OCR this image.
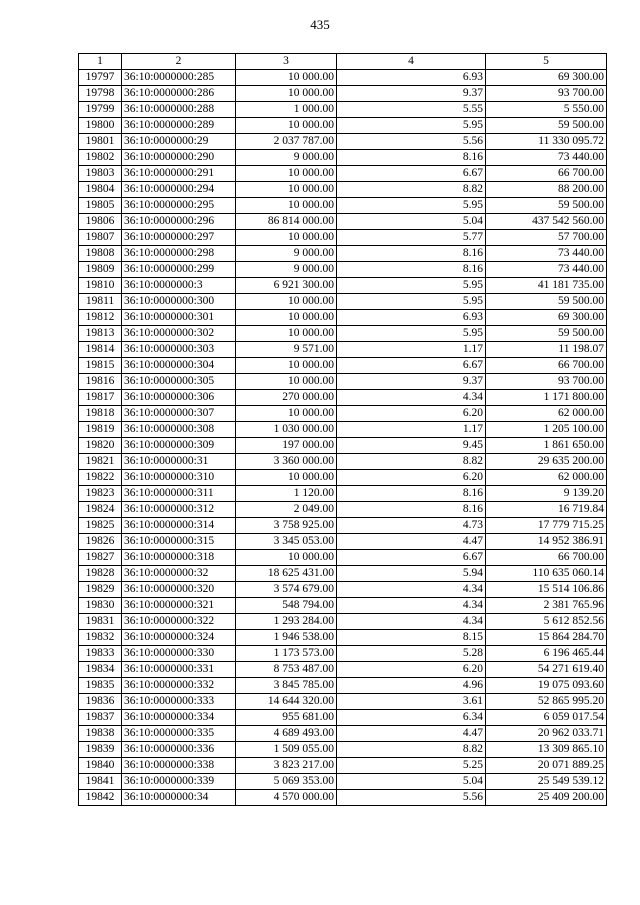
435
1	2	3	4	5
19797	36:10:0000000:285	10 000.00	6.93	69 300.00
19798	36:10:0000000:286	10 000.00	9.37	93 700.00
19799	36:10:0000000:288	1 000.00	5.55	5 550.00
19800	36:10:0000000:289	10 000.00	5.95	59 500.00
19801	36:10:0000000:29	2 037 787.00	5.56	11 330 095.72
19802	36:10:0000000:290	9 000.00	8.16	73 440.00
19803	36:10:0000000:291	10 000.00	6.67	66 700.00
19804	36:10:0000000:294	10 000.00	8.82	88 200.00
19805	36:10:0000000:295	10 000.00	5.95	59 500.00
19806	36:10:0000000:296	86 814 000.00	5.04	437 542 560.00
19807	36:10:0000000:297	10 000.00	5.77	57 700.00
19808	36:10:0000000:298	9 000.00	8.16	73 440.00
19809	36:10:0000000:299	9 000.00	8.16	73 440.00
19810	36:10:0000000:3	6 921 300.00	5.95	41 181 735.00
19811	36:10:0000000:300	10 000.00	5.95	59 500.00
19812	36:10:0000000:301	10 000.00	6.93	69 300.00
19813	36:10:0000000:302	10 000.00	5.95	59 500.00
19814	36:10:0000000:303	9 571.00	1.17	11 198.07
19815	36:10:0000000:304	10 000.00	6.67	66 700.00
19816	36:10:0000000:305	10 000.00	9.37	93 700.00
19817	36:10:0000000:306	270 000.00	4.34	1 171 800.00
19818	36:10:0000000:307	10 000.00	6.20	62 000.00
19819	36:10:0000000:308	1 030 000.00	1.17	1 205 100.00
19820	36:10:0000000:309	197 000.00	9.45	1 861 650.00
19821	36:10:0000000:31	3 360 000.00	8.82	29 635 200.00
19822	36:10:0000000:310	10 000.00	6.20	62 000.00
19823	36:10:0000000:311	1 120.00	8.16	9 139.20
19824	36:10:0000000:312	2 049.00	8.16	16 719.84
19825	36:10:0000000:314	3 758 925.00	4.73	17 779 715.25
19826	36:10:0000000:315	3 345 053.00	4.47	14 952 386.91
19827	36:10:0000000:318	10 000.00	6.67	66 700.00
19828	36:10:0000000:32	18 625 431.00	5.94	110 635 060.14
19829	36:10:0000000:320	3 574 679.00	4.34	15 514 106.86
19830	36:10:0000000:321	548 794.00	4.34	2 381 765.96
19831	36:10:0000000:322	1 293 284.00	4.34	5 612 852.56
19832	36:10:0000000:324	1 946 538.00	8.15	15 864 284.70
19833	36:10:0000000:330	1 173 573.00	5.28	6 196 465.44
19834	36:10:0000000:331	8 753 487.00	6.20	54 271 619.40
19835	36:10:0000000:332	3 845 785.00	4.96	19 075 093.60
19836	36:10:0000000:333	14 644 320.00	3.61	52 865 995.20
19837	36:10:0000000:334	955 681.00	6.34	6 059 017.54
19838	36:10:0000000:335	4 689 493.00	4.47	20 962 033.71
19839	36:10:0000000:336	1 509 055.00	8.82	13 309 865.10
19840	36:10:0000000:338	3 823 217.00	5.25	20 071 889.25
19841	36:10:0000000:339	5 069 353.00	5.04	25 549 539.12
19842	36:10:0000000:34	4 570 000.00	5.56	25 409 200.00
